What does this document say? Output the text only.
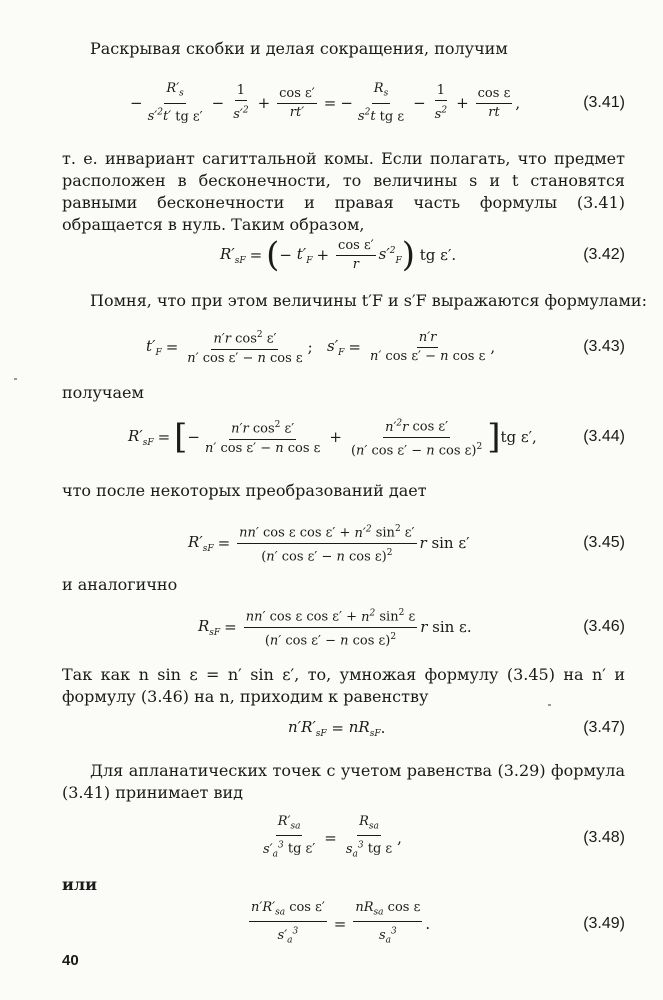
Раскрывая скобки и делая сокращения, получим
− $\frac{R'_s}{s'^2t' tg \varepsilon'} - \frac{1}{s'^2} + \frac{\text{cos ε′}}{rt'}$ = − $\frac{R_s}{s^2t tg \varepsilon} - \frac{1}{s^2} + \frac{\text{cos ε}}{rt}$ ,	(3.41)
т. е. инвариант сагиттальной комы. Если полагать, что предмет расположен в бесконечности, то величины s и t становятся равными бесконечности и правая часть формулы (3.41) обращается в нуль. Таким образом,
$R'_{sF}$ = ( −
$t'_F + \frac{\text{cos ε′}}{r} s'^2_F$ ) tg ε′.	(3.42)
Помня, что при этом величины t′F и s′F выражаются формулами:
$t'_F = \frac{n'r \cos^2 \varepsilon'}{\text{n′ cos ε′ − n cos ε}}$ ;
$s'_F = \frac{n'r}{\text{n′ cos ε′ − n cos ε}}$ ,	(3.43)
получаем
$R'_{sF}$ = [ − $\frac{n'r \cos^2 \varepsilon'}{\text{n′ cos ε′ − n cos ε}} + \frac{n'^2r \cos \varepsilon'}{(n' \cos \varepsilon' - n \cos \varepsilon)^2}$ ] tg ε′,	(3.44)
что после некоторых преобразований дает
$R'_{sF} = \frac{nn' \cos \varepsilon \cos \varepsilon' + n'^2 \sin^2 \varepsilon'}{(n' \cos \varepsilon' - n \cos \varepsilon)^2}$ r sin ε′	(3.45)
и аналогично
$R_{sF} = \frac{nn' \cos \varepsilon \cos \varepsilon' + n^2 \sin^2 \varepsilon}{(n' \cos \varepsilon' - n \cos \varepsilon)^2}$ r sin ε.	(3.46)
Так как n sin ε = n′ sin ε′, то, умножая формулу (3.45) на n′ и формулу (3.46) на n, приходим к равенству
$n'R'_{sF} = nR_{sF}$ .	(3.47)
Для апланатических точек с учетом равенства (3.29) формула (3.41) принимает вид
$\frac{R'_{sa}}{s'_a^3 tg \varepsilon'} = \frac{R_{sa}}{s_a^3 tg \varepsilon}$ ,	(3.48)
или
$\frac{n'R'_{sa} \cos \varepsilon'}{s'_a^3} = \frac{nR_{sa} \cos \varepsilon}{s_a^3}$ .	(3.49)
40
